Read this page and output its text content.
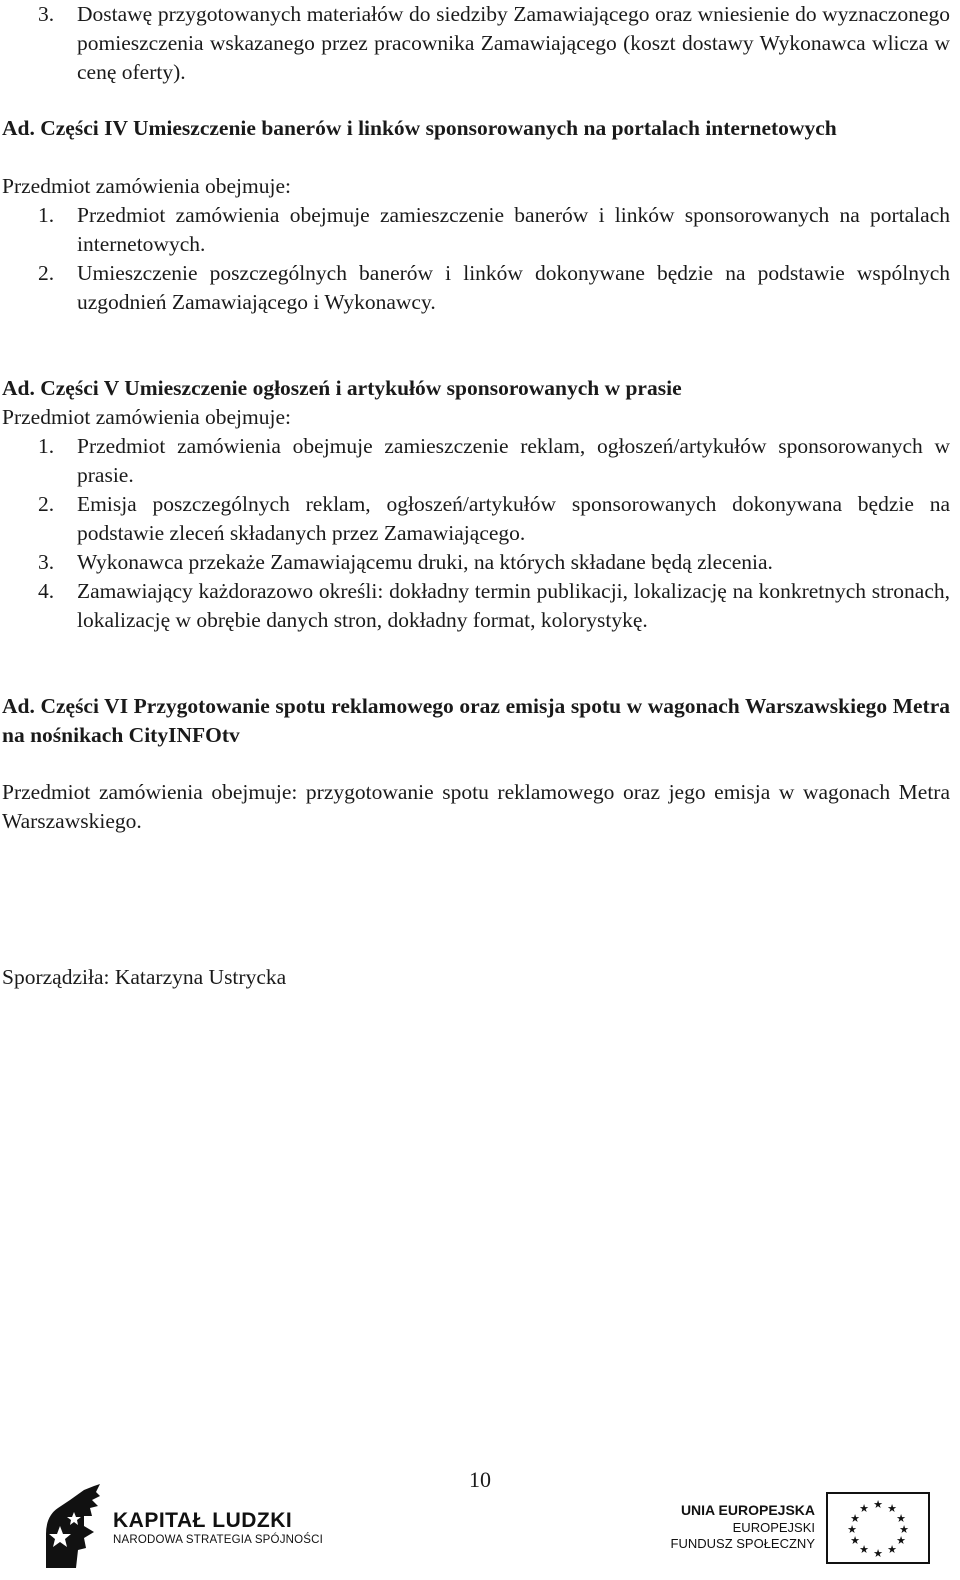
3. Dostawę przygotowanych materiałów do siedziby Zamawiającego oraz wniesienie do wyznaczonego pomieszczenia wskazanego przez pracownika Zamawiającego (koszt dostawy Wykonawca wlicza w cenę oferty).
Ad. Części IV Umieszczenie banerów i linków sponsorowanych na portalach internetowych
Przedmiot zamówienia obejmuje:
1. Przedmiot zamówienia obejmuje zamieszczenie banerów i linków sponsorowanych na portalach internetowych.
2. Umieszczenie poszczególnych banerów i linków dokonywane będzie na podstawie wspólnych uzgodnień Zamawiającego i Wykonawcy.
Ad. Części V Umieszczenie ogłoszeń i artykułów sponsorowanych w prasie
Przedmiot zamówienia obejmuje:
1. Przedmiot zamówienia obejmuje zamieszczenie reklam, ogłoszeń/artykułów sponsorowanych w prasie.
2. Emisja poszczególnych reklam, ogłoszeń/artykułów sponsorowanych dokonywana będzie na podstawie zleceń składanych przez Zamawiającego.
3. Wykonawca przekaże Zamawiającemu druki, na których składane będą zlecenia.
4. Zamawiający każdorazowo określi: dokładny termin publikacji, lokalizację na konkretnych stronach, lokalizację w obrębie danych stron, dokładny format, kolorystykę.
Ad. Części VI Przygotowanie spotu reklamowego oraz emisja spotu w wagonach Warszawskiego Metra na nośnikach CityINFOtv
Przedmiot zamówienia obejmuje: przygotowanie spotu reklamowego oraz jego emisja w wagonach Metra Warszawskiego.
Sporządziła: Katarzyna Ustrycka
10
KAPITAŁ LUDZKI
NARODOWA STRATEGIA SPÓJNOŚCI
UNIA EUROPEJSKA
EUROPEJSKI
FUNDUSZ SPOŁECZNY
★ ★
★
★
★
★
★
★
★
★
★
★
